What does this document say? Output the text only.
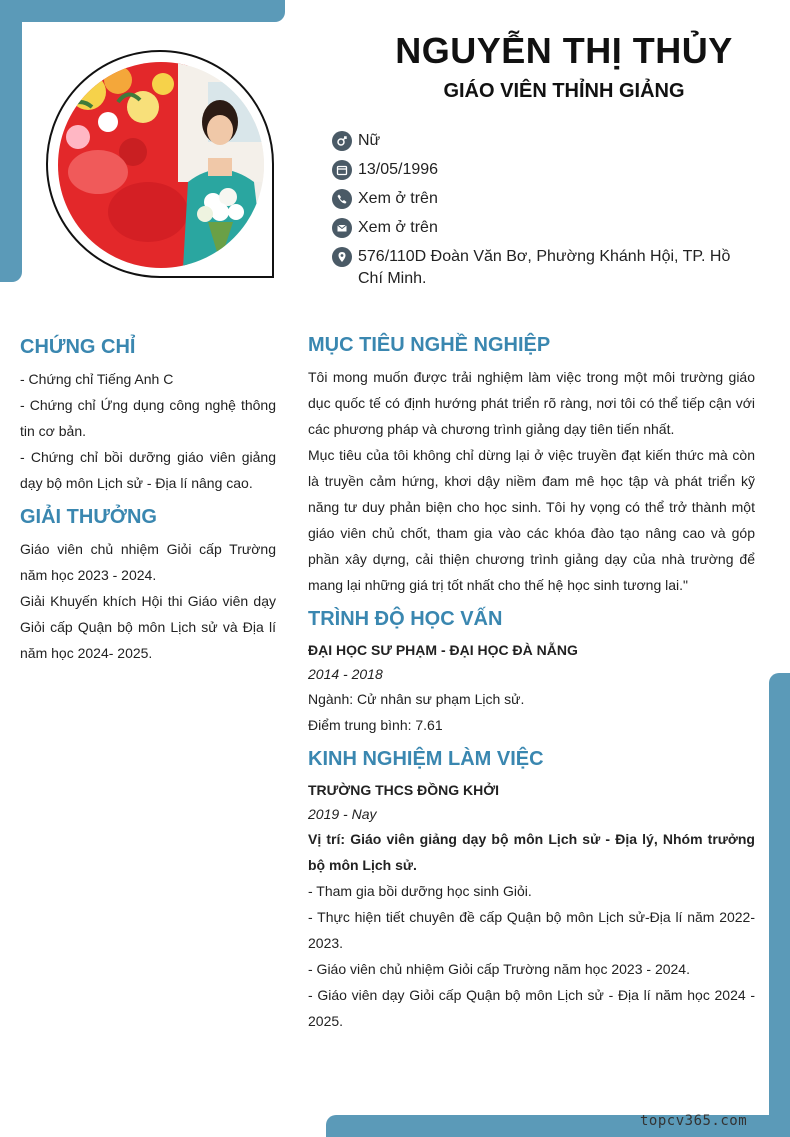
NGUYỄN THỊ THỦY
GIÁO VIÊN THỈNH GIẢNG
Nữ
13/05/1996
Xem ở trên
Xem ở trên
576/110D Đoàn Văn Bơ, Phường Khánh Hội, TP. Hồ Chí Minh.
CHỨNG CHỈ

- Chứng chỉ Tiếng Anh C

- Chứng chỉ Ứng dụng công nghệ thông tin cơ bản.

- Chứng chỉ bồi dưỡng giáo viên giảng dạy bộ môn Lịch sử - Địa lí nâng cao.

GIẢI THƯỞNG

Giáo viên chủ nhiệm Giỏi cấp Trường năm học 2023 - 2024.

Giải Khuyến khích Hội thi Giáo viên dạy Giỏi cấp Quận bộ môn Lịch sử và Địa lí năm học 2024- 2025.

MỤC TIÊU NGHỀ NGHIỆP

Tôi mong muốn được trải nghiệm làm việc trong một môi trường giáo dục quốc tế có định hướng phát triển rõ ràng, nơi tôi có thể tiếp cận với các phương pháp và chương trình giảng dạy tiên tiến nhất.

Mục tiêu của tôi không chỉ dừng lại ở việc truyền đạt kiến thức mà còn là truyền cảm hứng, khơi dậy niềm đam mê học tập và phát triển kỹ năng tư duy phản biện cho học sinh. Tôi hy vọng có thể trở thành một giáo viên chủ chốt, tham gia vào các khóa đào tạo nâng cao và góp phần xây dựng, cải thiện chương trình giảng dạy của nhà trường để mang lại những giá trị tốt nhất cho thế hệ học sinh tương lai."

TRÌNH ĐỘ HỌC VẤN

ĐẠI HỌC SƯ PHẠM - ĐẠI HỌC ĐÀ NẴNG

2014 - 2018

Ngành: Cử nhân sư phạm Lịch sử.

Điểm trung bình: 7.61

KINH NGHIỆM LÀM VIỆC

TRƯỜNG THCS ĐỒNG KHỞI

2019 - Nay

Vị trí: Giáo viên giảng dạy bộ môn Lịch sử - Địa lý, Nhóm trưởng bộ môn Lịch sử.

- Tham gia bồi dưỡng học sinh Giỏi.

- Thực hiện tiết chuyên đề cấp Quận bộ môn Lịch sử-Địa lí năm 2022-2023.

- Giáo viên chủ nhiệm Giỏi cấp Trường năm học 2023 - 2024.

- Giáo viên dạy Giỏi cấp Quận bộ môn Lịch sử - Địa lí năm học 2024 - 2025.

topcv365.com
